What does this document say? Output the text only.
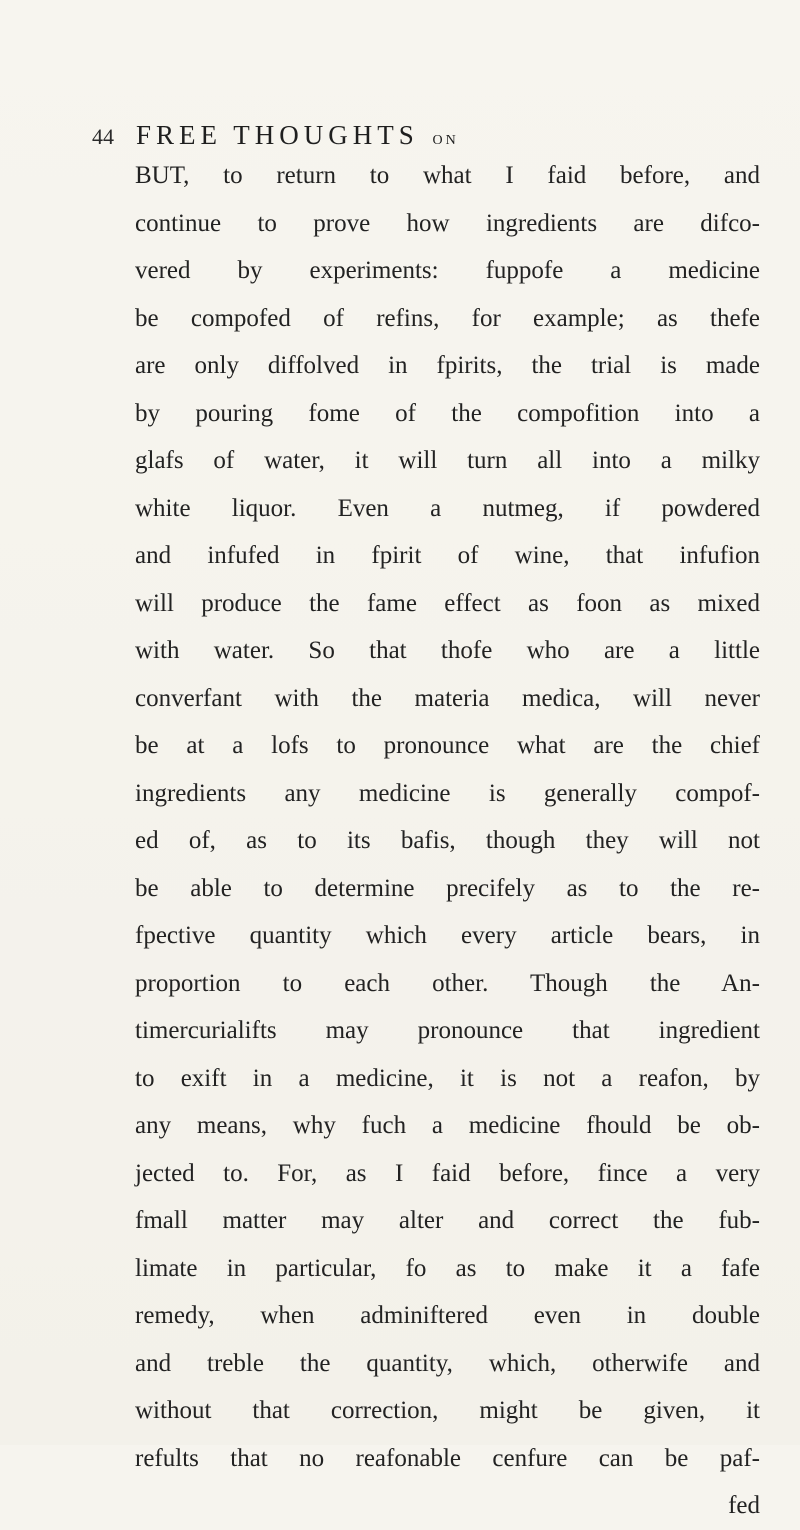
44 FREE THOUGHTS ON
BUT, to return to what I faid before, and
continue to prove how ingredients are difco-
vered by experiments: fuppofe a medicine
be compofed of refins, for example; as thefe
are only diffolved in fpirits, the trial is made
by pouring fome of the compofition into a
glafs of water, it will turn all into a milky
white liquor. Even a nutmeg, if powdered
and infufed in fpirit of wine, that infufion
will produce the fame effect as foon as mixed
with water. So that thofe who are a little
converfant with the materia medica, will never
be at a lofs to pronounce what are the chief
ingredients any medicine is generally compof-
ed of, as to its bafis, though they will not
be able to determine precifely as to the re-
fpective quantity which every article bears, in
proportion to each other. Though the An-
timercurialifts may pronounce that ingredient
to exift in a medicine, it is not a reafon, by
any means, why fuch a medicine fhould be ob-
jected to. For, as I faid before, fince a very
fmall matter may alter and correct the fub-
limate in particular, fo as to make it a fafe
remedy, when adminiftered even in double
and treble the quantity, which, otherwife and
without that correction, might be given, it
refults that no reafonable cenfure can be paf-
fed
